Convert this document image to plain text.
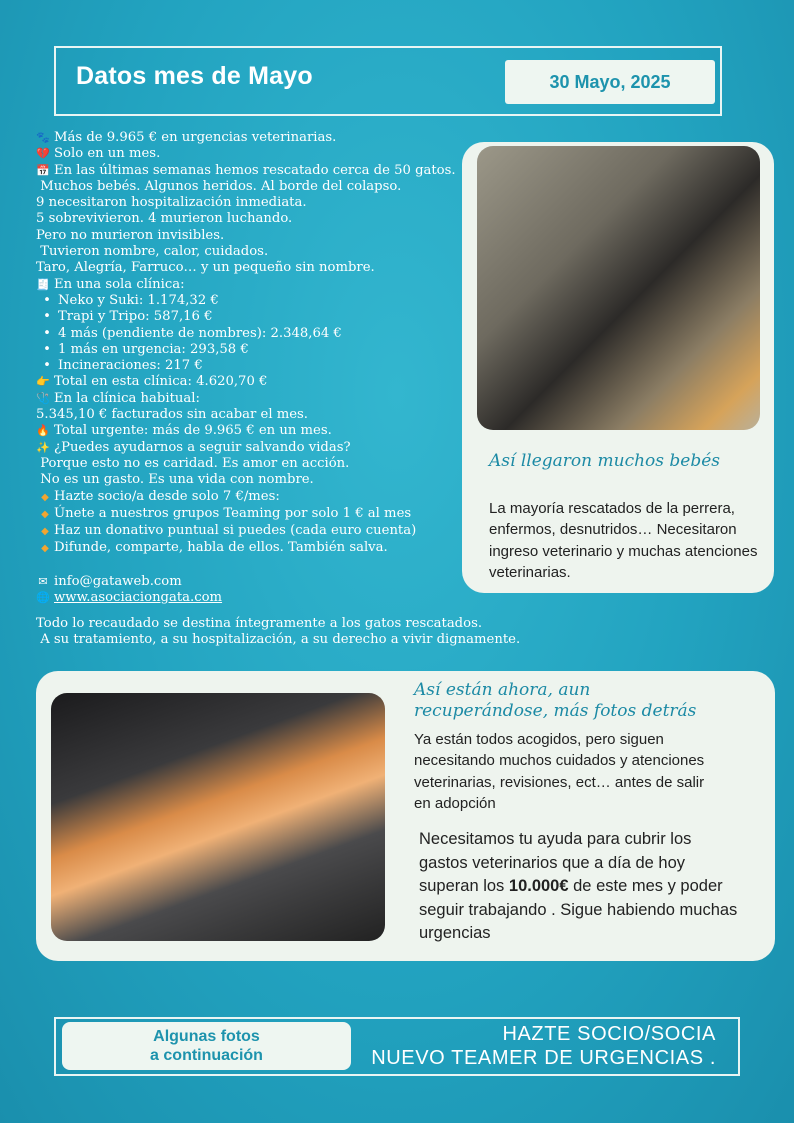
Datos mes de Mayo	30 Mayo, 2025
🐾 Más de 9.965 € en urgencias veterinarias.
💔 Solo en un mes.
📅 En las últimas semanas hemos rescatado cerca de 50 gatos.
Muchos bebés. Algunos heridos. Al borde del colapso.
9 necesitaron hospitalización inmediata.
5 sobrevivieron. 4 murieron luchando.
Pero no murieron invisibles.
Tuvieron nombre, calor, cuidados.
Taro, Alegría, Farruco… y un pequeño sin nombre.
🧾 En una sola clínica:
• Neko y Suki: 1.174,32 €
• Trapi y Tripo: 587,16 €
• 4 más (pendiente de nombres): 2.348,64 €
• 1 más en urgencia: 293,58 €
• Incineraciones: 217 €
👉 Total en esta clínica: 4.620,70 €
🩺 En la clínica habitual:
5.345,10 € facturados sin acabar el mes.
🔥 Total urgente: más de 9.965 € en un mes.
✨ ¿Puedes ayudarnos a seguir salvando vidas?
Porque esto no es caridad. Es amor en acción.
No es un gasto. Es una vida con nombre.
◆ Hazte socio/a desde solo 7 €/mes:
◆ Únete a nuestros grupos Teaming por solo 1 € al mes
◆ Haz un donativo puntual si puedes (cada euro cuenta)
◆ Difunde, comparte, habla de ellos. También salva.
✉ info@gataweb.com
🌐 www.asociaciongata.com
Así llegaron muchos bebés
La mayoría rescatados de la perrera, enfermos, desnutridos… Necesitaron ingreso veterinario y muchas atenciones veterinarias.
Todo lo recaudado se destina íntegramente a los gatos rescatados.
A su tratamiento, a su hospitalización, a su derecho a vivir dignamente.
Así están ahora, aun
recuperándose, más fotos detrás
Ya están todos acogidos, pero siguen necesitando muchos cuidados y atenciones veterinarias, revisiones, ect… antes de salir en adopción
Necesitamos tu ayuda para cubrir los gastos veterinarios que a día de hoy superan los 10.000€ de este mes y poder seguir trabajando . Sigue habiendo muchas urgencias
Algunas fotos
a continuación
HAZTE SOCIO/SOCIA
NUEVO TEAMER DE URGENCIAS .
